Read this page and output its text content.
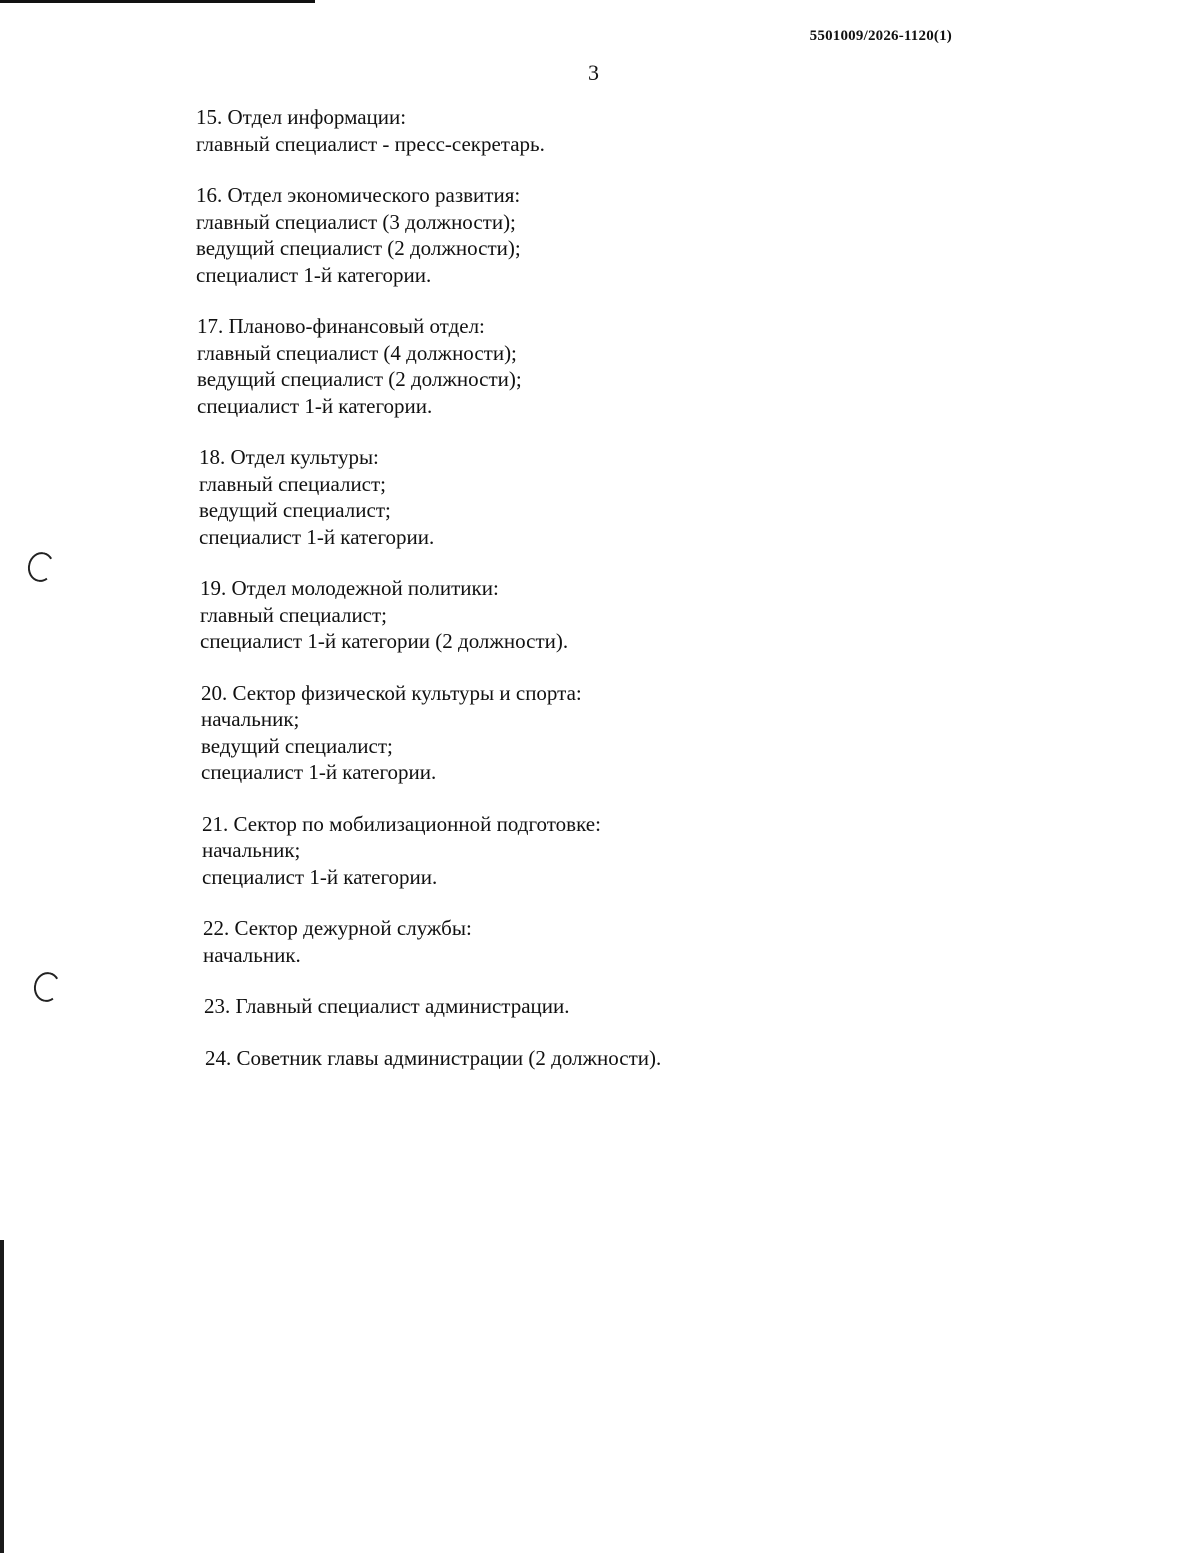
5501009/2026-1120(1)
3
15. Отдел информации:
главный специалист - пресс-секретарь.
16. Отдел экономического развития:
главный специалист (3 должности);
ведущий специалист (2 должности);
специалист 1-й категории.
17. Планово-финансовый отдел:
главный специалист (4 должности);
ведущий специалист (2 должности);
специалист 1-й категории.
18. Отдел культуры:
главный специалист;
ведущий специалист;
специалист 1-й категории.
19. Отдел молодежной политики:
главный специалист;
специалист 1-й категории (2 должности).
20. Сектор физической культуры и спорта:
начальник;
ведущий специалист;
специалист 1-й категории.
21. Сектор по мобилизационной подготовке:
начальник;
специалист 1-й категории.
22. Сектор дежурной службы:
начальник.
23. Главный специалист администрации.
24. Советник главы администрации (2 должности).
